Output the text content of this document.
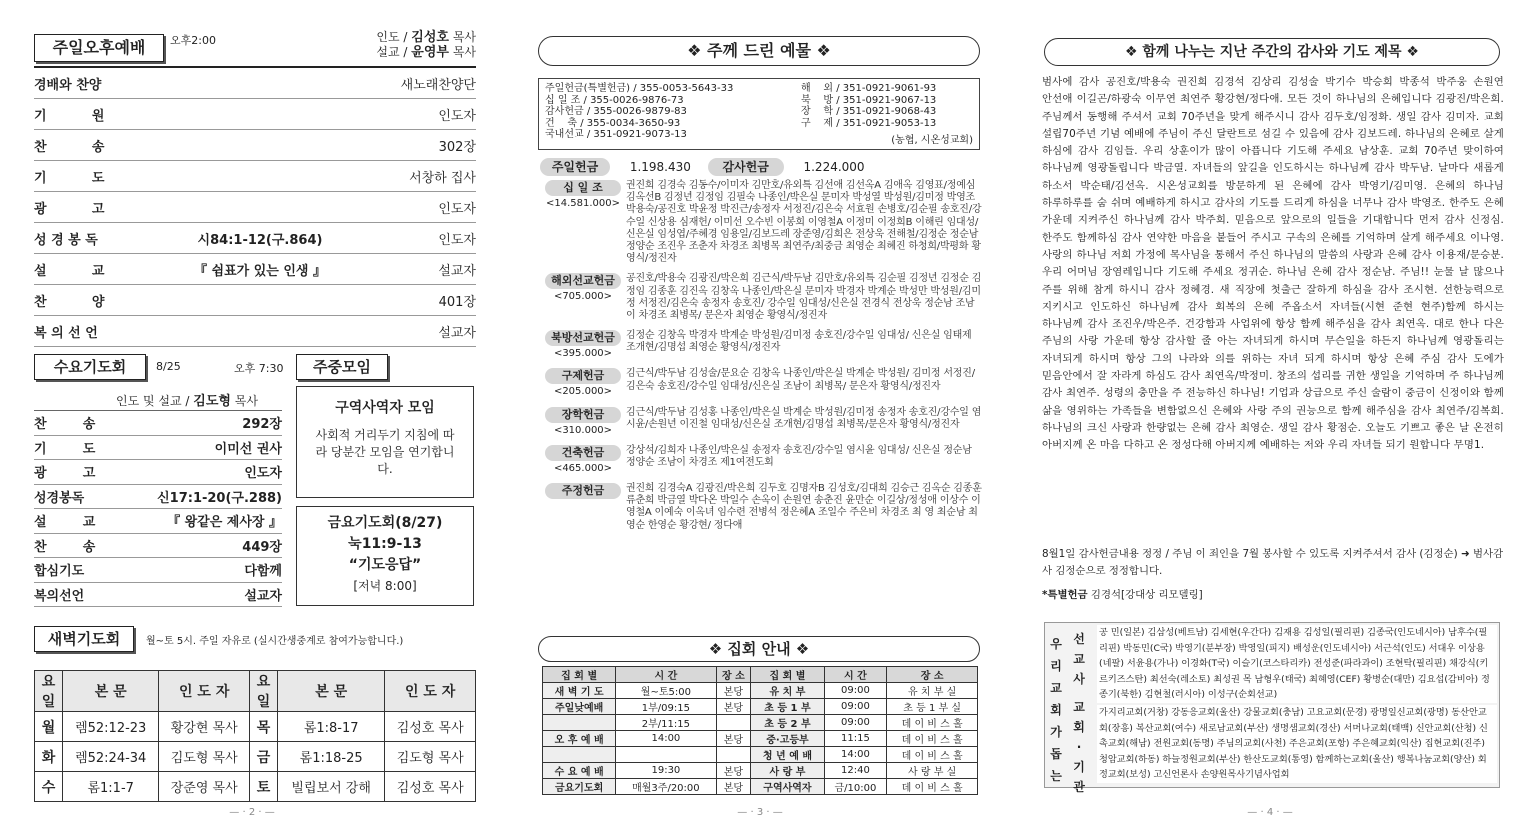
주일오후예배	오후2:00	인도 / 김성호 목사
설교 / 윤영부 목사
경배와 찬양	새노래찬양단
기          원	인도자
찬          송	302장
기          도	서창하 집사
광          고	인도자
성 경 봉 독	시84:1-12(구.864)	인도자
설          교	『 쉼표가 있는 인생 』	설교자
찬          양	401장
복 의 선 언	설교자
수요기도회	8/25	오후 7:30
인도 및 설교 / 김도형 목사
찬        송	292장
기        도	이미선 권사
광        고	인도자
성경봉독	신17:1-20(구.288)
설        교	『 왕같은 제사장 』
찬        송	449장
합심기도	다함께
복의선언	설교자
주중모임
구역사역자 모임
사회적 거리두기 지침에 따라 당분간 모임을 연기합니다.
금요기도회(8/27)
눅11:9-13
“기도응답”
[저녁 8:00]
새벽기도회	월~토 5시. 주일 자유로 (실시간생중계로 참여가능합니다.)
요일	본 문	인 도 자	요일	본 문	인 도 자
월	렘52:12-23	황강현 목사	목	롬1:8-17	김성호 목사
화	렘52:24-34	김도형 목사	금	롬1:18-25	김도형 목사
수	롬1:1-7	장준영 목사	토	빌립보서 강해	김성호 목사
— · 2 · —
❖ 주께 드린 예물 ❖
주일헌금(특별헌금) / 355-0053-5643-33
십 일 조 / 355-0026-9876-73
감사헌금 / 355-0026-9879-83
건    축 / 355-0034-3650-93
국내선교 / 351-0921-9073-13
해    외 / 351-0921-9061-93
북    방 / 351-0921-9067-13
장    학 / 351-0921-9068-43
구    제 / 351-0921-9053-13
(농협, 시온성교회)
주일헌금	1.198.430	감사헌금	1.224.000
십 일 조
<14.581.000>
권진희 김경숙 김동수/이미자 김만호/유외특 김선애 김선옥A 김애옥 김영표/정예심 김옥선B 김정년 김정임 김필숙 나종인/박은실 문미자 박성열 박성원/김미정 박영조 박용숙/공진호 박윤정 박진근/송정자 서정진/김은숙 서효원 손병호/김순필 송호진/강수일 신상용 심재헌/ 이미선 오수빈 이봉희 이영철A 이정미 이정희B 이해린 임대성/신은실 임성엽/주혜경 임용일/김보드레 장준영/김희은 전상욱 전해철/김정순 정순남 정양순 조진우 조춘자 차경조 최병목 최연주/최중금 최영순 최혜진 하청희/박평화 황영식/정진자
해외선교헌금
<705.000>
공진호/박용숙 김광진/박은희 김근식/박두남 김만호/유외특 김순필 김정년 김정순 김정임 김종훈 김진옥 김창옥 나종인/박은실 문미자 박경자 박계순 박성만 박성원/김미정 서정진/김은숙 송정자 송호진/ 강수일 임대성/신은실 전경식 전상욱 정순남 조남이 차경조 최병목/ 문은자 최영순 황영식/정진자
북방선교헌금
<395.000>
김정순 김창옥 박경자 박계순 박성원/김미정 송호진/강수일 임대성/ 신은실 임태제 조개현/김명섭 최영순 황영식/정진자
구제헌금
<205.000>
김근식/박두남 김성술/문요순 김창옥 나종인/박은실 박계순 박성원/ 김미정 서정진/김은숙 송호진/강수일 임대성/신은실 조남이 최병목/ 문은자 황영식/정진자
장학헌금
<310.000>
김근식/박두남 김성홍 나종인/박은실 박계순 박성원/김미정 송정자 송호진/강수일 염시윤/손원년 이진철 임대성/신은실 조개현/김명섭 최병목/문은자 황영식/정진자
건축헌금
<465.000>
강상석/김희자 나종인/박은실 송정자 송호진/강수일 염시윤 임대성/ 신은실 정순남 정양순 조남이 차경조 제1여전도회
주정헌금	권진희 김경숙A 김광진/박은희 김두호 김명자B 김성호/김대희 김승근 김옥순 김종훈 류춘희 박금열 박다온 박일수 손옥이 손원연 송춘진 윤만순 이길상/정성애 이상수 이영철A 이예숙 이옥녀 임수련 전병석 정은혜A 조일수 주은비 차경조 최 영 최순남 최영순 한영순 황강현/ 정다애
❖ 집회 안내 ❖
집 회 별	시 간	장 소	집 회 별	시 간	장 소
새 벽 기 도	월~토5:00	본당	유 치 부	09:00	유 치 부 실
주일낮예배	1부/09:15	본당	초 등 1 부	09:00	초 등 1 부 실
	2부/11:15		초 등 2 부	09:00	데 이 비 스 홀
오 후 예 배	14:00	본당	중·고등부	11:15	데 이 비 스 홀
			청 년 예 배	14:00	데 이 비 스 홀
수 요 예 배	19:30	본당	사 랑 부	12:40	사 랑 부 실
금요기도회	매월3주/20:00	본당	구역사역자	금/10:00	데 이 비 스 홀
— · 3 · —
❖ 함께 나누는 지난 주간의 감사와 기도 제목 ❖
범사에 감사 공진호/박용숙 권진희 김경석 김상리 김성술 박기수 박승희 박종석 박주웅 손원연 안선애 이길곤/하광숙 이무연 최연주 황강현/정다애. 모든 것이 하나님의 은혜입니다 김광진/박은희. 주님께서 동행해 주셔서 교회 70주년을 맞게 해주시니 감사 김두호/임정화. 생일 감사 김미자. 교회 설립70주년 기념 예배에 주님이 주신 달란트로 섬길 수 있음에 감사 김보드레. 하나님의 은혜로 살게 하심에 감사 김임들. 우리 상훈이가 많이 아픕니다 기도해 주세요 남상훈. 교회 70주년 맞이하여 하나님께 영광돌립니다 박금열. 자녀들의 앞길을 인도하시는 하나님께 감사 박두남. 날마다 새롭게 하소서 박순태/김선옥. 시온성교회를 방문하게 된 은혜에 감사 박영기/김미영. 은혜의 하나님 하루하루를 숨 쉬며 예배하게 하시고 감사의 기도를 드리게 하심을 너무나 감사 박영조. 한주도 은혜 가운데 지켜주신 하나님께 감사 박주희. 믿음으로 앞으로의 일들을 기대합니다 먼저 감사 신정심. 한주도 함께하심 감사 연약한 마음을 붙들어 주시고 구속의 은혜를 기억하며 살게 해주세요 이나영. 사랑의 하나님 저희 가정에 목사님을 통해서 주신 하나님의 말씀의 사랑과 은혜 감사 이용재/문승분. 우리 어머님 장염레입니다 기도해 주세요 정귀순. 하나님 은혜 감사 정순남. 주님!! 눈물 날 많으나 주를 위해 참게 하시니 감사 정혜경. 새 직장에 첫출근 잘하게 하심을 감사 조시현. 선한능력으로 지키시고 인도하신 하나님께 감사 회복의 은혜 주옵소서 자녀들(시현 준현 현주)함께 하시는 하나님께 감사 조진우/박은주. 건강함과 사업위에 항상 함께 해주심을 감사 최연옥. 대로 한나 다은 주님의 사랑 가운데 항상 감사할 줄 아는 자녀되게 하시며 무슨일을 하든지 하나님께 영광돌리는 자녀되게 하시며 항상 그의 나라와 의를 위하는 자녀 되게 하시며 항상 은혜 주심 감사 도에가 믿음안에서 잘 자라게 하심도 감사 최연옥/박정미. 창조의 섭리를 귀한 생일을 기억하며 주 하나님께 감사 최연주. 성령의 충만을 주 전능하신 하나님! 기업과 상급으로 주신 술람이 중금이 신정이와 함께 삶을 영위하는 가족들을 변함없으신 은혜와 사랑 주의 권능으로 함께 해주심을 감사 최연주/김복희. 하나님의 크신 사랑과 한량없는 은혜 감사 최영순. 생일 감사 황점순. 오늘도 기쁘고 좋은 날 온전히 아버지께 온 마음 다하고 온 정성다해 아버지께 예배하는 저와 우리 자녀들 되기 원합니다 무명1.
8월1일 감사헌금내용 정정 / 주님 이 죄인을 7월 봉사할 수 있도록 지켜주셔서 감사 (김정순) ➜ 범사감사 김정순으로 정정합니다.
*특별헌금 김경석[강대상 리모델링]
우 리 교 회 가 돕 는
선 교 사
교 회 · 기 관
공 민(일본) 김삼성(베트남) 김세현(우간다) 김재용 김성일(필리핀) 김종국(인도네시아) 남후수(필리핀) 박동민(C국) 박영기(분부장) 박영일(피지) 배성운(인도네시아) 서근석(인도) 서대우 이상용(네팔) 서윤용(가나) 이경화(T국) 이슬기(코스타리카) 전성준(파라과이) 조현탁(필리핀) 채강식(키르키즈스탄) 최선숙(레소토) 최성권 목 남형우(태국) 최혜영(CEF) 황병순(대만) 김요섭(감비아) 정종기(북한) 김현철(러시아) 이성구(순회선교)
가지리교회(거창) 강동응교회(울산) 강물교회(충남) 고요교회(문경) 광명일신교회(광명) 동산안교회(장흥) 복산교회(여수) 새로남교회(부산) 생명샘교회(경산) 서머나교회(태백) 신안교회(산청) 신촉교회(해남) 전원교회(동명) 주님의교회(사천) 주은교회(포항) 주은혜교회(익산) 집현교회(진주) 청암교회(하동) 하늘정원교회(부산) 한산도교회(통영) 함께하는교회(울산) 행복나눔교회(양산) 회정교회(보성) 고신언론사 손양원목사기념사업회
— · 4 · —
